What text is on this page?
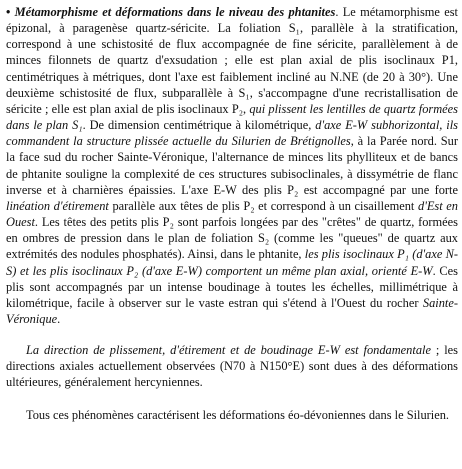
• Métamorphisme et déformations dans le niveau des phtanites. Le métamorphisme est épizonal, à paragenèse quartz-séricite. La foliation S₁, parallèle à la stratification, correspond à une schistosité de flux accompagnée de fine séricite, parallèlement à de minces filonnets de quartz d'exsudation ; elle est plan axial de plis isoclinaux P1, centimétriques à métriques, dont l'axe est faiblement incliné au N.NE (de 20 à 30°). Une deuxième schistosité de flux, subparallèle à S₁, s'accompagne d'une recristallisation de séricite ; elle est plan axial de plis isoclinaux P₂, qui plissent les lentilles de quartz formées dans le plan S₁. De dimension centimétrique à kilométrique, d'axe E-W subhorizontal, ils commandent la structure plissée actuelle du Silurien de Brétignolles, à la Parée nord. Sur la face sud du rocher Sainte-Véronique, l'alternance de minces lits phylliteux et de bancs de phtanite souligne la complexité de ces structures subisoclinales, à dissymétrie de flanc inverse et à charnières épaissies. L'axe E-W des plis P₂ est accompagné par une forte linéation d'étirement parallèle aux têtes de plis P₂ et correspond à un cisaillement d'Est en Ouest. Les têtes des petits plis P₂ sont parfois longées par des "crêtes" de quartz, formées en ombres de pression dans le plan de foliation S₂ (comme les "queues" de quartz aux extrémités des nodules phosphatés). Ainsi, dans le phtanite, les plis isoclinaux P₁ (d'axe N-S) et les plis isoclinaux P₂ (d'axe E-W) comportent un même plan axial, orienté E-W. Ces plis sont accompagnés par un intense boudinage à toutes les échelles, millimétrique à kilométrique, facile à observer sur le vaste estran qui s'étend à l'Ouest du rocher Sainte-Véronique.

La direction de plissement, d'étirement et de boudinage E-W est fondamentale ; les directions axiales actuellement observées (N70 à N150°E) sont dues à des déformations ultérieures, généralement hercyniennes.

Tous ces phénomènes caractérisent les déformations éo-dévoniennes dans le Silurien.
